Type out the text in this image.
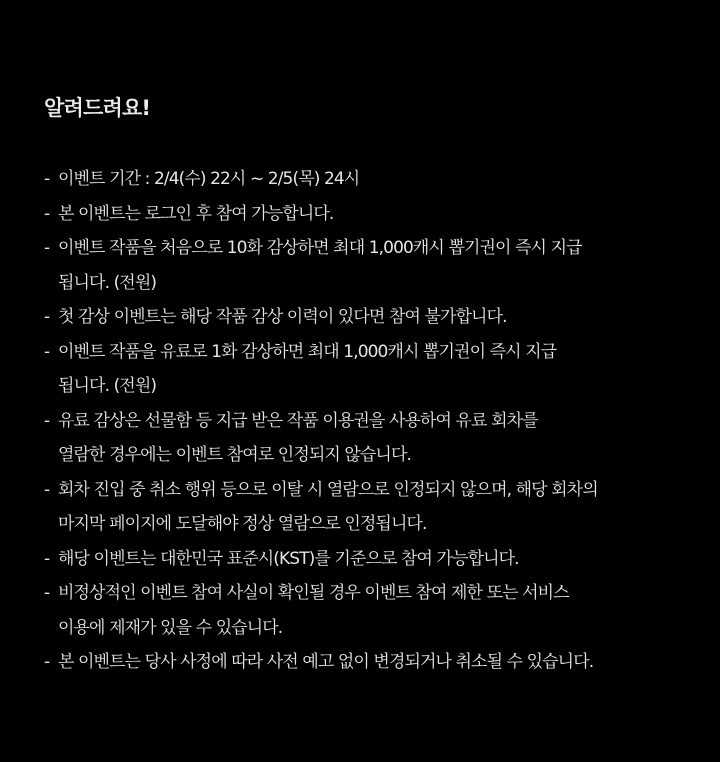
알려드려요!
- 이벤트 기간 : 2/4(수) 22시 ~ 2/5(목) 24시
- 본 이벤트는 로그인 후 참여 가능합니다.
- 이벤트 작품을 처음으로 10화 감상하면 최대 1,000캐시 뽑기권이 즉시 지급
됩니다. (전원)
- 첫 감상 이벤트는 해당 작품 감상 이력이 있다면 참여 불가합니다.
- 이벤트 작품을 유료로 1화 감상하면 최대 1,000캐시 뽑기권이 즉시 지급
됩니다. (전원)
- 유료 감상은 선물함 등 지급 받은 작품 이용권을 사용하여 유료 회차를
열람한 경우에는 이벤트 참여로 인정되지 않습니다.
- 회차 진입 중 취소 행위 등으로 이탈 시 열람으로 인정되지 않으며, 해당 회차의
마지막 페이지에 도달해야 정상 열람으로 인정됩니다.
- 해당 이벤트는 대한민국 표준시(KST)를 기준으로 참여 가능합니다.
- 비정상적인 이벤트 참여 사실이 확인될 경우 이벤트 참여 제한 또는 서비스
이용에 제재가 있을 수 있습니다.
- 본 이벤트는 당사 사정에 따라 사전 예고 없이 변경되거나 취소될 수 있습니다.
